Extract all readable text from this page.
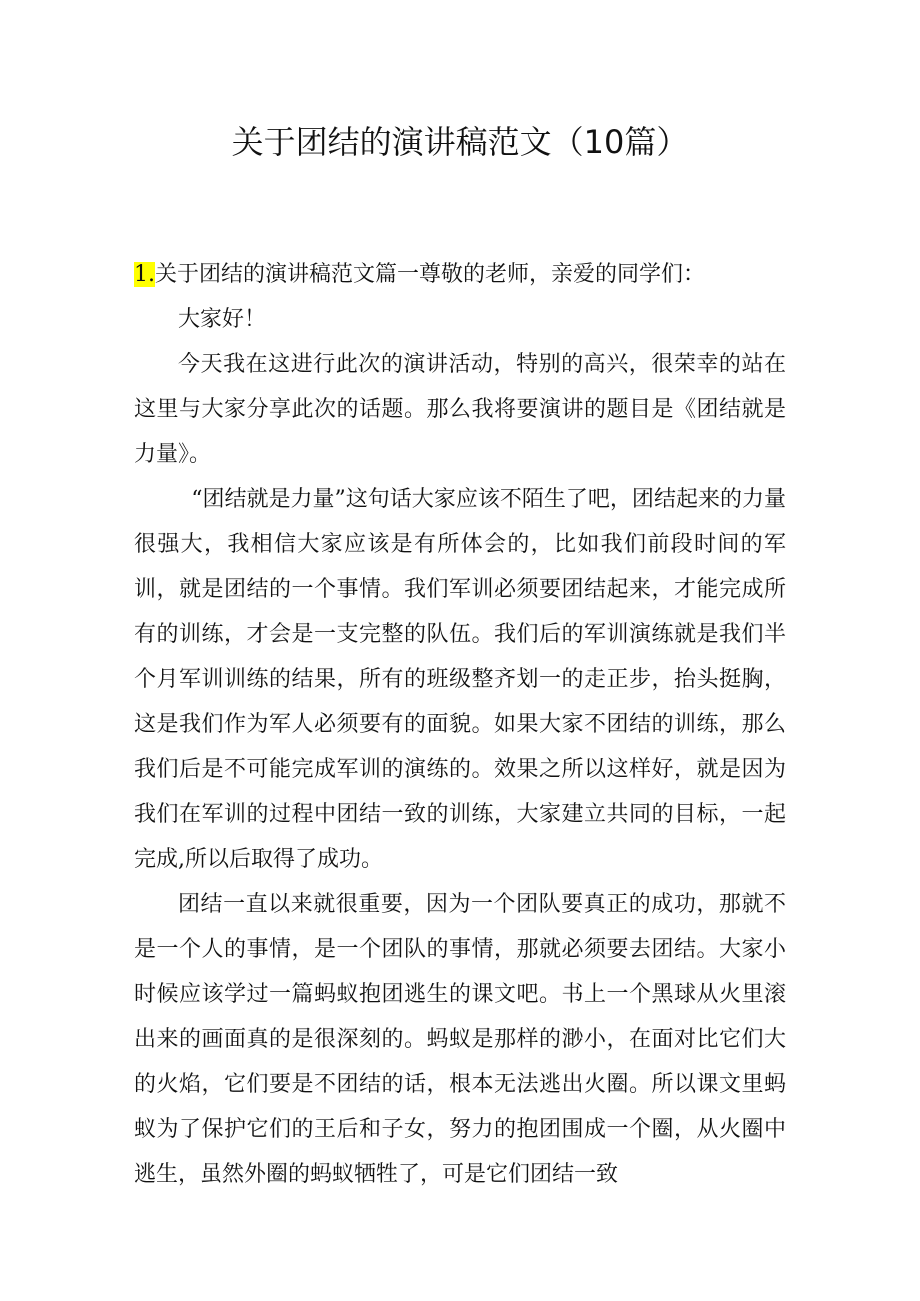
关于团结的演讲稿范文（10篇）
1.关于团结的演讲稿范文篇一尊敬的老师，亲爱的同学们：

大家好！

今天我在这进行此次的演讲活动，特别的高兴，很荣幸的站在这里与大家分享此次的话题。那么我将要演讲的题目是《团结就是力量》。

“团结就是力量”这句话大家应该不陌生了吧，团结起来的力量很强大，我相信大家应该是有所体会的，比如我们前段时间的军训，就是团结的一个事情。我们军训必须要团结起来，才能完成所有的训练，才会是一支完整的队伍。我们后的军训演练就是我们半个月军训训练的结果，所有的班级整齐划一的走正步，抬头挺胸，这是我们作为军人必须要有的面貌。如果大家不团结的训练，那么我们后是不可能完成军训的演练的。效果之所以这样好，就是因为我们在军训的过程中团结一致的训练，大家建立共同的目标，一起完成,所以后取得了成功。

团结一直以来就很重要，因为一个团队要真正的成功，那就不是一个人的事情，是一个团队的事情，那就必须要去团结。大家小时候应该学过一篇蚂蚁抱团逃生的课文吧。书上一个黑球从火里滚出来的画面真的是很深刻的。蚂蚁是那样的渺小，在面对比它们大的火焰，它们要是不团结的话，根本无法逃出火圈。所以课文里蚂蚁为了保护它们的王后和子女，努力的抱团围成一个圈，从火圈中逃生，虽然外圈的蚂蚁牺牲了，可是它们团结一致
